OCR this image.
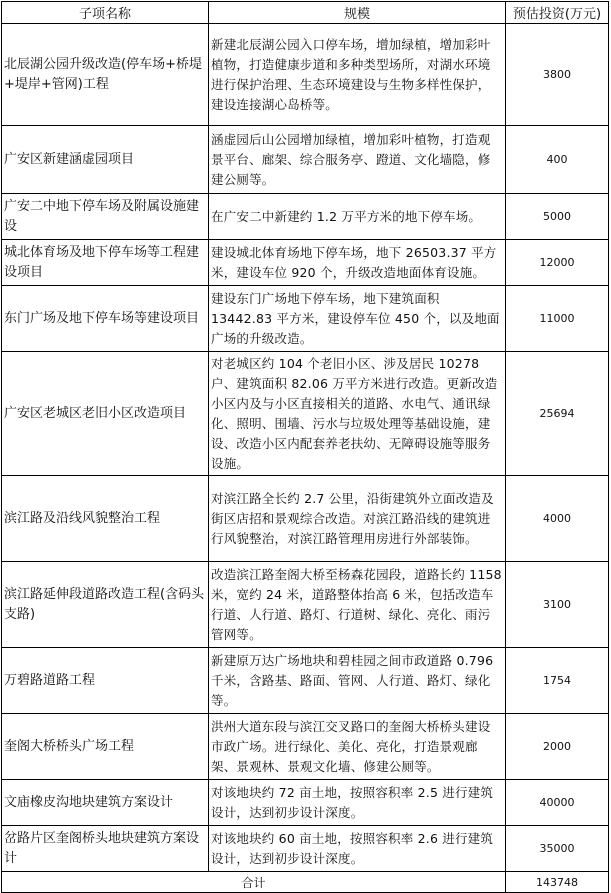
子项名称	规模	预估投资(万元)
北辰湖公园升级改造(停车场+桥堤+堤岸+管网)工程	新建北辰湖公园入口停车场，增加绿植，增加彩叶植物，打造健康步道和多种类型场所，对湖水环境进行保护治理、生态环境建设与生物多样性保护，建设连接湖心岛桥等。	3800
广安区新建涵虚园项目	涵虚园后山公园增加绿植，增加彩叶植物，打造观景平台、廊架、综合服务亭、蹬道、文化墙隐，修建公厕等。	400
广安二中地下停车场及附属设施建设	在广安二中新建约 1.2 万平方米的地下停车场。	5000
城北体育场及地下停车场等工程建设项目	建设城北体育场地下停车场，地下 26503.37 平方米，建设车位 920 个，升级改造地面体育设施。	12000
东门广场及地下停车场等建设项目	建设东门广场地下停车场，地下建筑面积 13442.83 平方米，建设停车位 450 个，以及地面广场的升级改造。	11000
广安区老城区老旧小区改造项目	对老城区约 104 个老旧小区、涉及居民 10278 户、建筑面积 82.06 万平方米进行改造。更新改造小区内及与小区直接相关的道路、水电气、通讯绿化、照明、围墙、污水与垃圾处理等基础设施，建设、改造小区内配套养老扶幼、无障碍设施等服务设施。	25694
滨江路及沿线风貌整治工程	对滨江路全长约 2.7 公里，沿街建筑外立面改造及街区店招和景观综合改造。对滨江路沿线的建筑进行风貌整治，对滨江路管理用房进行外部装饰。	4000
滨江路延伸段道路改造工程(含码头支路)	改造滨江路奎阁大桥至杨森花园段，道路长约 1158 米，宽约 24 米，道路整体抬高 6 米，包括改造车行道、人行道、路灯、行道树、绿化、亮化、雨污管网等。	3100
万碧路道路工程	新建原万达广场地块和碧桂园之间市政道路 0.796 千米，含路基、路面、管网、人行道、路灯、绿化等。	1754
奎阁大桥桥头广场工程	洪州大道东段与滨江交叉路口的奎阁大桥桥头建设市政广场。进行绿化、美化、亮化，打造景观廊架、景观林、景观文化墙、修建公厕等。	2000
文庙橡皮沟地块建筑方案设计	对该地块约 72 亩土地，按照容积率 2.5 进行建筑设计，达到初步设计深度。	40000
岔路片区奎阁桥头地块建筑方案设计	对该地块约 60 亩土地，按照容积率 2.6 进行建筑设计，达到初步设计深度。	35000
合计		143748
